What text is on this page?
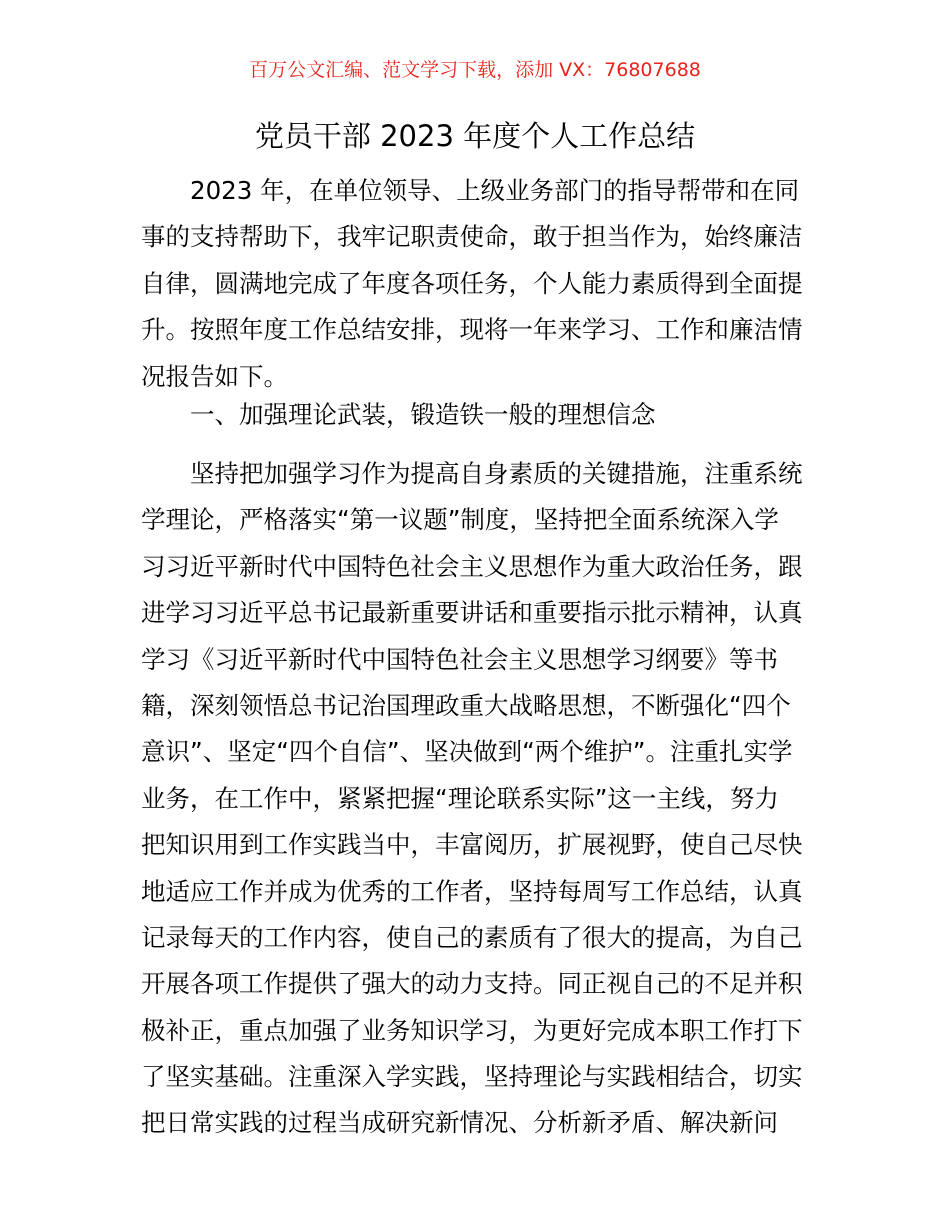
百万公文汇编、范文学习下载，添加 VX：76807688
党员干部 2023 年度个人工作总结
2023 年，在单位领导、上级业务部门的指导帮带和在同
事的支持帮助下，我牢记职责使命，敢于担当作为，始终廉洁
自律，圆满地完成了年度各项任务，个人能力素质得到全面提
升。按照年度工作总结安排，现将一年来学习、工作和廉洁情
况报告如下。
一、加强理论武装，锻造铁一般的理想信念
坚持把加强学习作为提高自身素质的关键措施，注重系统
学理论，严格落实“第一议题”制度，坚持把全面系统深入学
习习近平新时代中国特色社会主义思想作为重大政治任务，跟
进学习习近平总书记最新重要讲话和重要指示批示精神，认真
学习《习近平新时代中国特色社会主义思想学习纲要》等书
籍，深刻领悟总书记治国理政重大战略思想，不断强化“四个
意识”、坚定“四个自信”、坚决做到“两个维护”。注重扎实学
业务，在工作中，紧紧把握“理论联系实际”这一主线，努力
把知识用到工作实践当中，丰富阅历，扩展视野，使自己尽快
地适应工作并成为优秀的工作者，坚持每周写工作总结，认真
记录每天的工作内容，使自己的素质有了很大的提高，为自己
开展各项工作提供了强大的动力支持。同正视自己的不足并积
极补正，重点加强了业务知识学习，为更好完成本职工作打下
了坚实基础。注重深入学实践，坚持理论与实践相结合，切实
把日常实践的过程当成研究新情况、分析新矛盾、解决新问
